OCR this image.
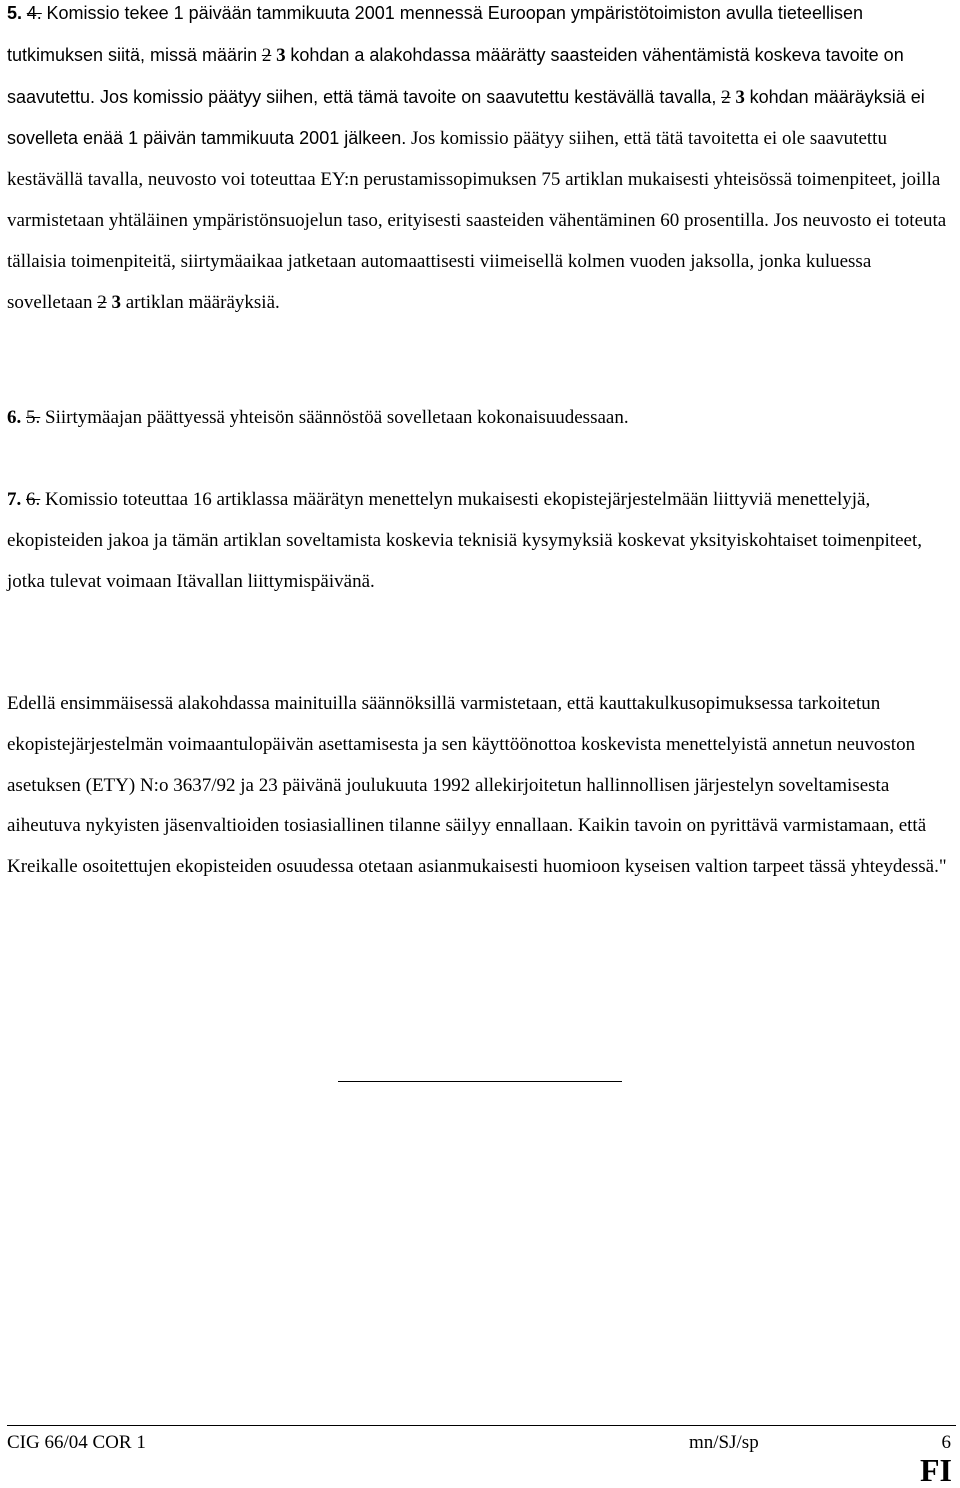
5. 4. Komissio tekee 1 päivään tammikuuta 2001 mennessä Euroopan ympäristötoimiston avulla tieteellisen tutkimuksen siitä, missä määrin 2 3 kohdan a alakohdassa määrätty saasteiden vähentämistä koskeva tavoite on saavutettu. Jos komissio päätyy siihen, että tämä tavoite on saavutettu kestävällä tavalla, 2 3 kohdan määräyksiä ei sovelleta enää 1 päivän tammikuuta 2001 jälkeen. Jos komissio päätyy siihen, että tätä tavoitetta ei ole saavutettu kestävällä tavalla, neuvosto voi toteuttaa EY:n perustamissopimuksen 75 artiklan mukaisesti yhteisössä toimenpiteet, joilla varmistetaan yhtäläinen ympäristönsuojelun taso, erityisesti saasteiden vähentäminen 60 prosentilla. Jos neuvosto ei toteuta tällaisia toimenpiteitä, siirtymäaikaa jatketaan automaattisesti viimeisellä kolmen vuoden jaksolla, jonka kuluessa sovelletaan 2 3 artiklan määräyksiä.

6. 5. Siirtymäajan päättyessä yhteisön säännöstöä sovelletaan kokonaisuudessaan.

7. 6. Komissio toteuttaa 16 artiklassa määrätyn menettelyn mukaisesti ekopistejärjestelmään liittyviä menettelyjä, ekopisteiden jakoa ja tämän artiklan soveltamista koskevia teknisiä kysymyksiä koskevat yksityiskohtaiset toimenpiteet, jotka tulevat voimaan Itävallan liittymispäivänä.

Edellä ensimmäisessä alakohdassa mainituilla säännöksillä varmistetaan, että kauttakulkusopimuksessa tarkoitetun ekopistejärjestelmän voimaantulopäivän asettamisesta ja sen käyttöönottoa koskevista menettelyistä annetun neuvoston asetuksen (ETY) N:o 3637/92 ja 23 päivänä joulukuuta 1992 allekirjoitetun hallinnollisen järjestelyn soveltamisesta aiheutuva nykyisten jäsenvaltioiden tosiasiallinen tilanne säilyy ennallaan. Kaikin tavoin on pyrittävä varmistamaan, että Kreikalle osoitettujen ekopisteiden osuudessa otetaan asianmukaisesti huomioon kyseisen valtion tarpeet tässä yhteydessä."

CIG 66/04 COR 1	mn/SJ/sp	6
FI
